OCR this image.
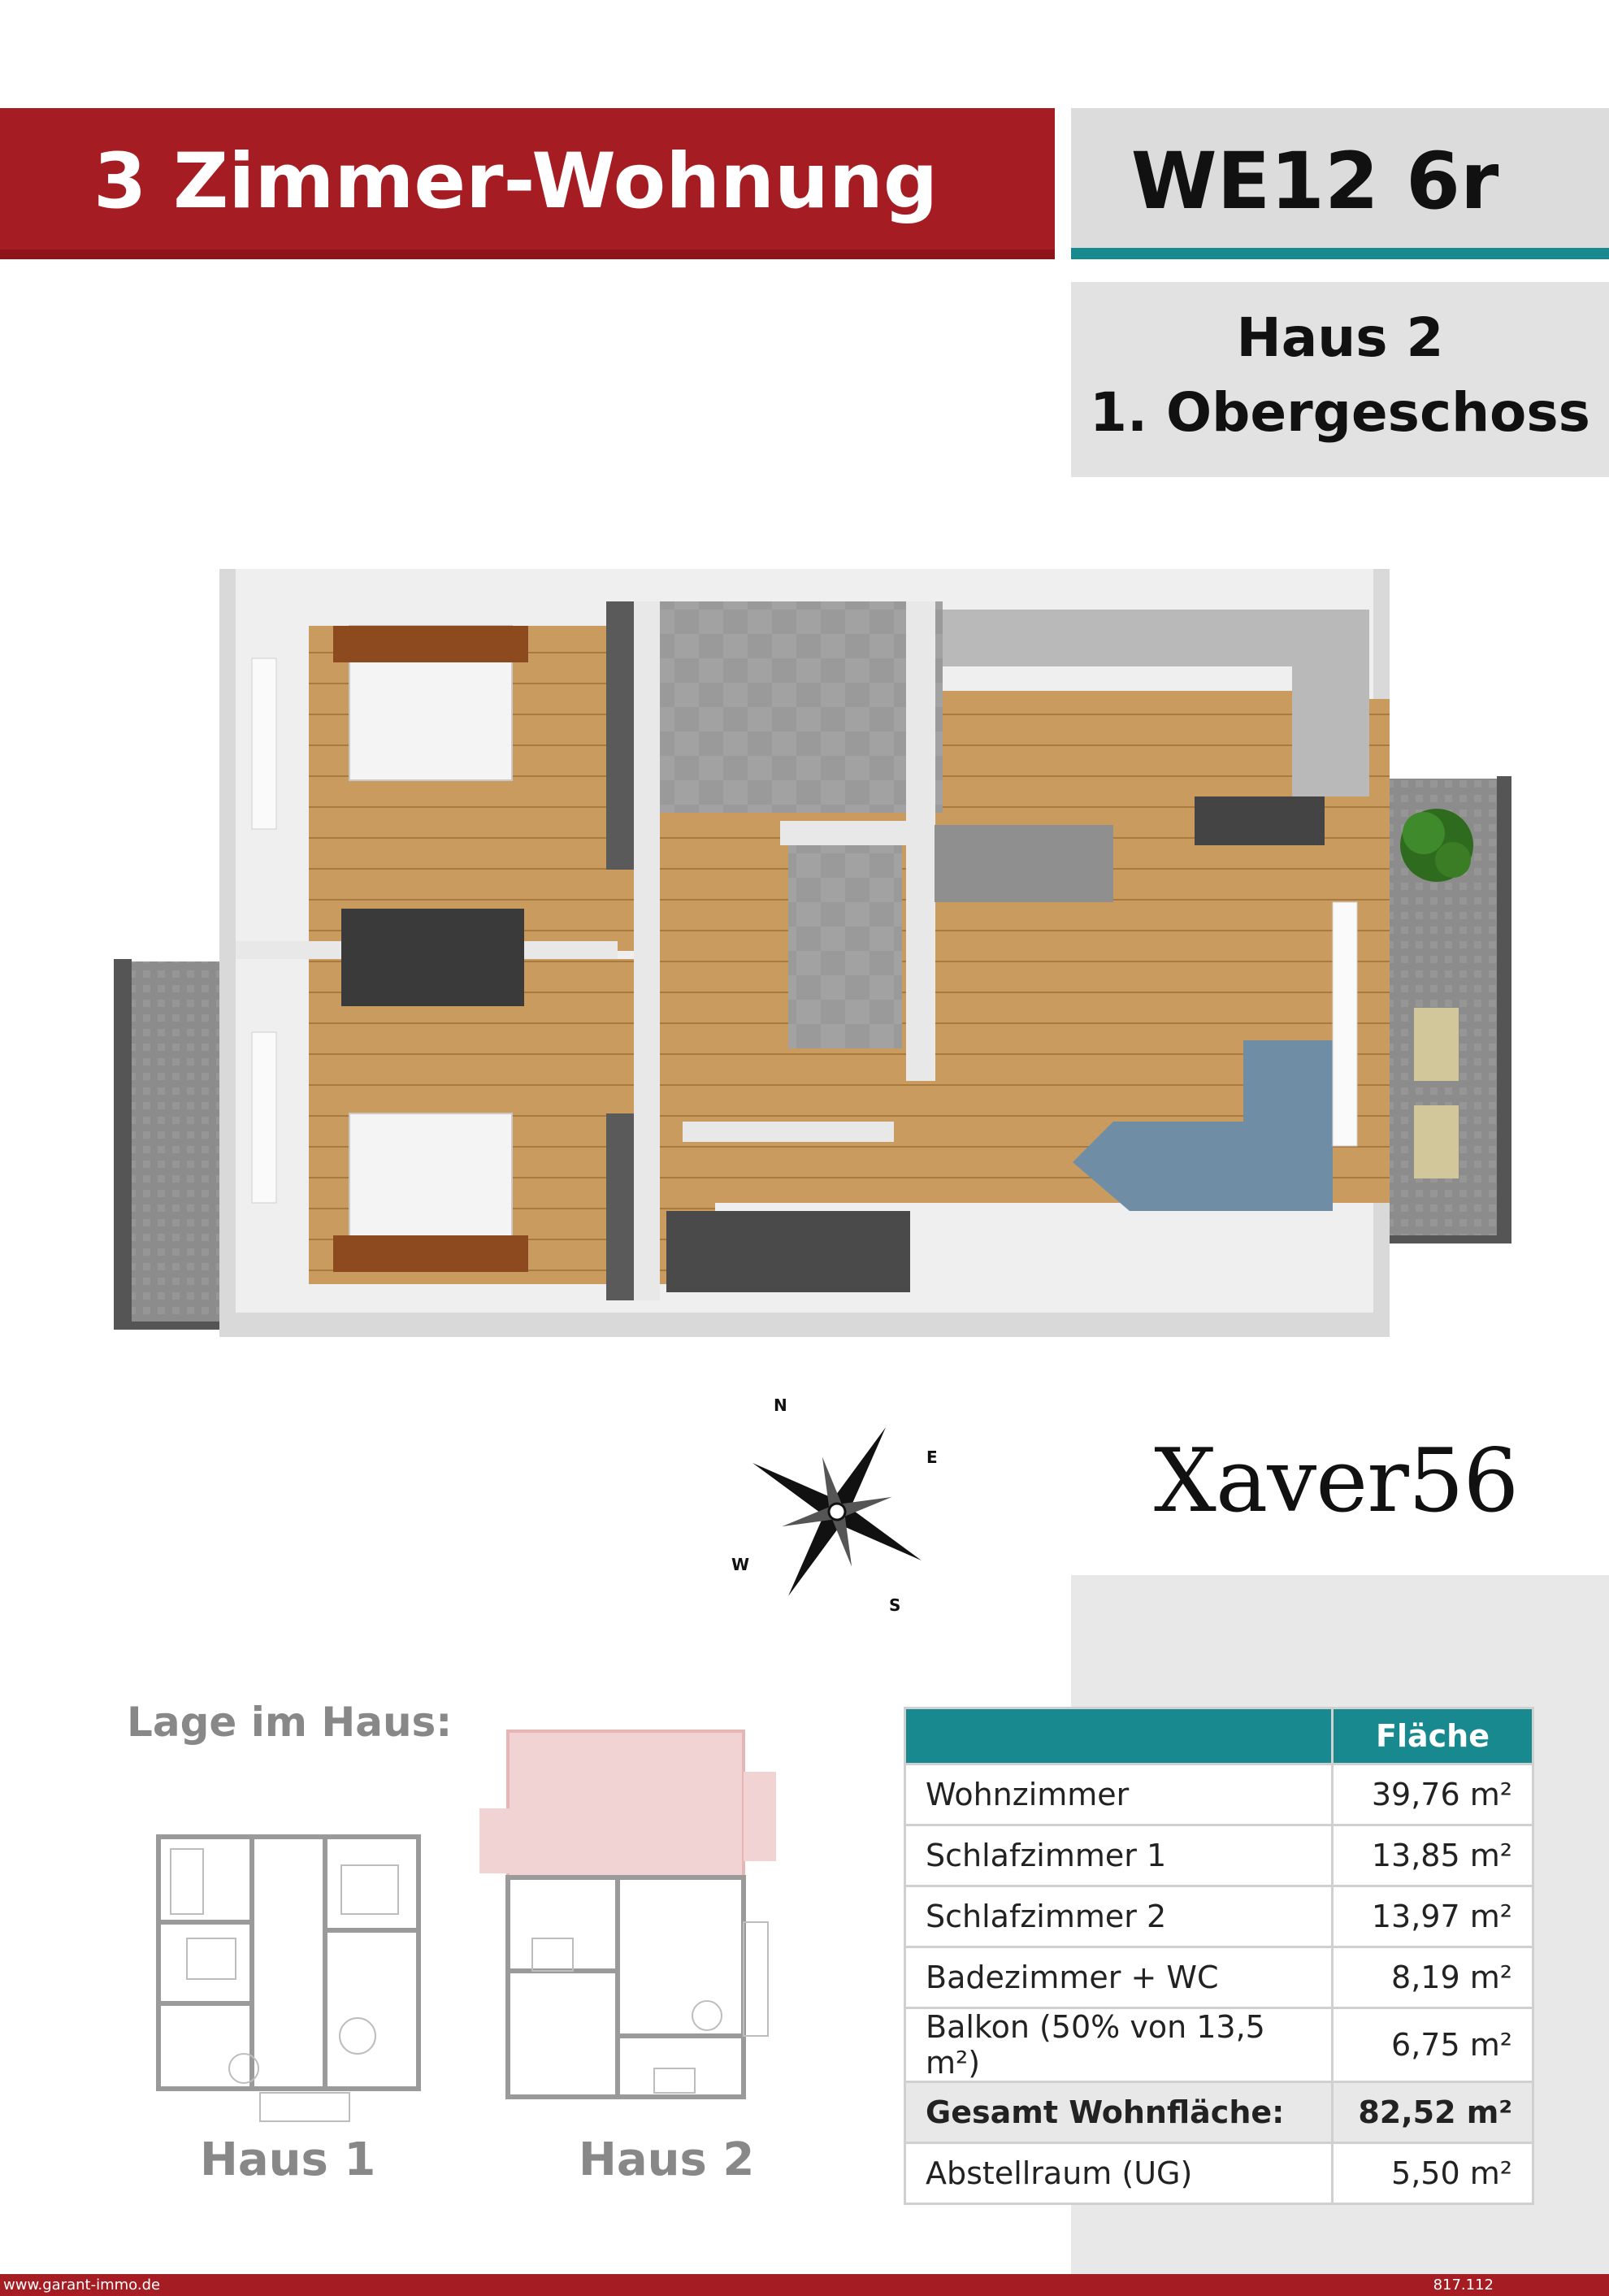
3 Zimmer-Wohnung	WE12 6r
Haus 2
1. Obergeschoss
N
E
S
W
Xaver56
Lage im Haus:
Haus 1	Haus 2
	Fläche
Wohnzimmer	39,76 m²
Schlafzimmer 1	13,85 m²
Schlafzimmer 2	13,97 m²
Badezimmer + WC	8,19 m²
Balkon (50% von 13,5 m²)	6,75 m²
Gesamt Wohnfläche:	82,52 m²
Abstellraum (UG)	5,50 m²
www.garant-immo.de	817.112
